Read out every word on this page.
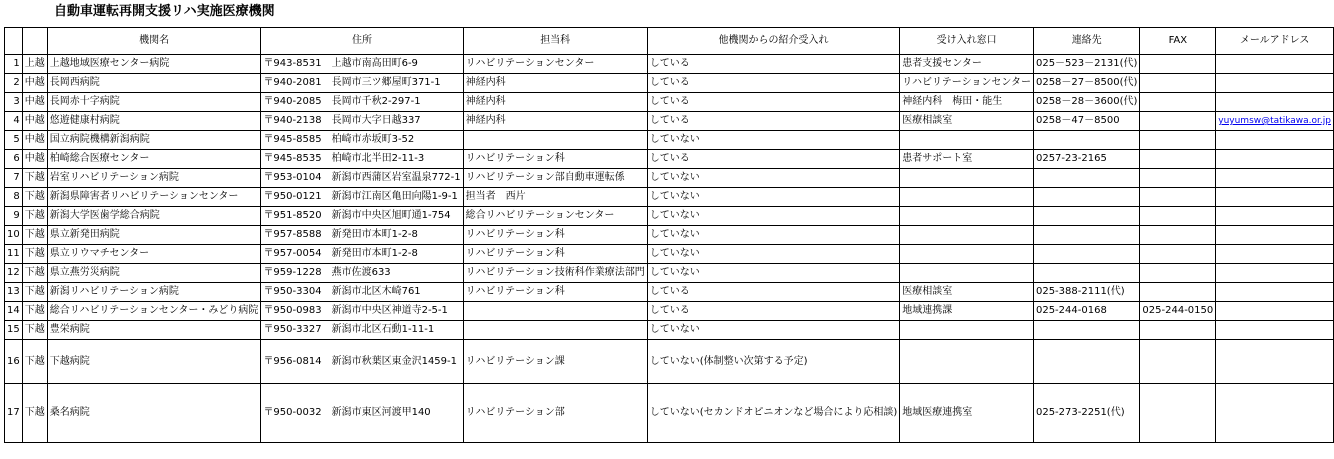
自動車運転再開支援リハ実施医療機関
		機関名	住所	担当科	他機関からの紹介受入れ	受け入れ窓口	連絡先	FAX	メールアドレス
1	上越	上越地域医療センター病院	〒943-8531　上越市南高田町6-9	リハビリテーションセンター	している	患者支援センター	025－523－2131(代)		
2	中越	長岡西病院	〒940-2081　長岡市三ツ郷屋町371-1	神経内科	している	リハビリテーションセンター	0258－27－8500(代)		
3	中越	長岡赤十字病院	〒940-2085　長岡市千秋2-297-1	神経内科	している	神経内科　梅田・能生	0258－28－3600(代)		
4	中越	悠遊健康村病院	〒940-2138　長岡市大字日越337	神経内科	している	医療相談室	0258－47－8500		yuyumsw@tatikawa.or.jp
5	中越	国立病院機構新潟病院	〒945-8585　柏崎市赤坂町3-52		していない				
6	中越	柏崎総合医療センター	〒945-8535　柏崎市北半田2-11-3	リハビリテーション科	している	患者サポート室	0257-23-2165		
7	下越	岩室リハビリテーション病院	〒953-0104　新潟市西蒲区岩室温泉772-1	リハビリテーション部自動車運転係	していない				
8	下越	新潟県障害者リハビリテーションセンター	〒950-0121　新潟市江南区亀田向陽1-9-1	担当者　西片	していない				
9	下越	新潟大学医歯学総合病院	〒951-8520　新潟市中央区旭町通1-754	総合リハビリテーションセンター	していない				
10	下越	県立新発田病院	〒957-8588　新発田市本町1-2-8	リハビリテーション科	していない				
11	下越	県立リウマチセンター	〒957-0054　新発田市本町1-2-8	リハビリテーション科	していない				
12	下越	県立燕労災病院	〒959-1228　燕市佐渡633	リハビリテーション技術科作業療法部門	していない				
13	下越	新潟リハビリテーション病院	〒950-3304　新潟市北区木崎761	リハビリテーション科	している	医療相談室	025-388-2111(代)		
14	下越	総合リハビリテーションセンター・みどり病院	〒950-0983　新潟市中央区神道寺2-5-1		している	地域連携課	025-244-0168	025-244-0150	
15	下越	豊栄病院	〒950-3327　新潟市北区石動1-11-1		していない				
16	下越	下越病院	〒956-0814　新潟市秋葉区東金沢1459-1	リハビリテーション課	していない(体制整い次第する予定)				
17	下越	桑名病院	〒950-0032　新潟市東区河渡甲140	リハビリテーション部	していない(セカンドオピニオンなど場合により応相談)	地域医療連携室	025-273-2251(代)		
